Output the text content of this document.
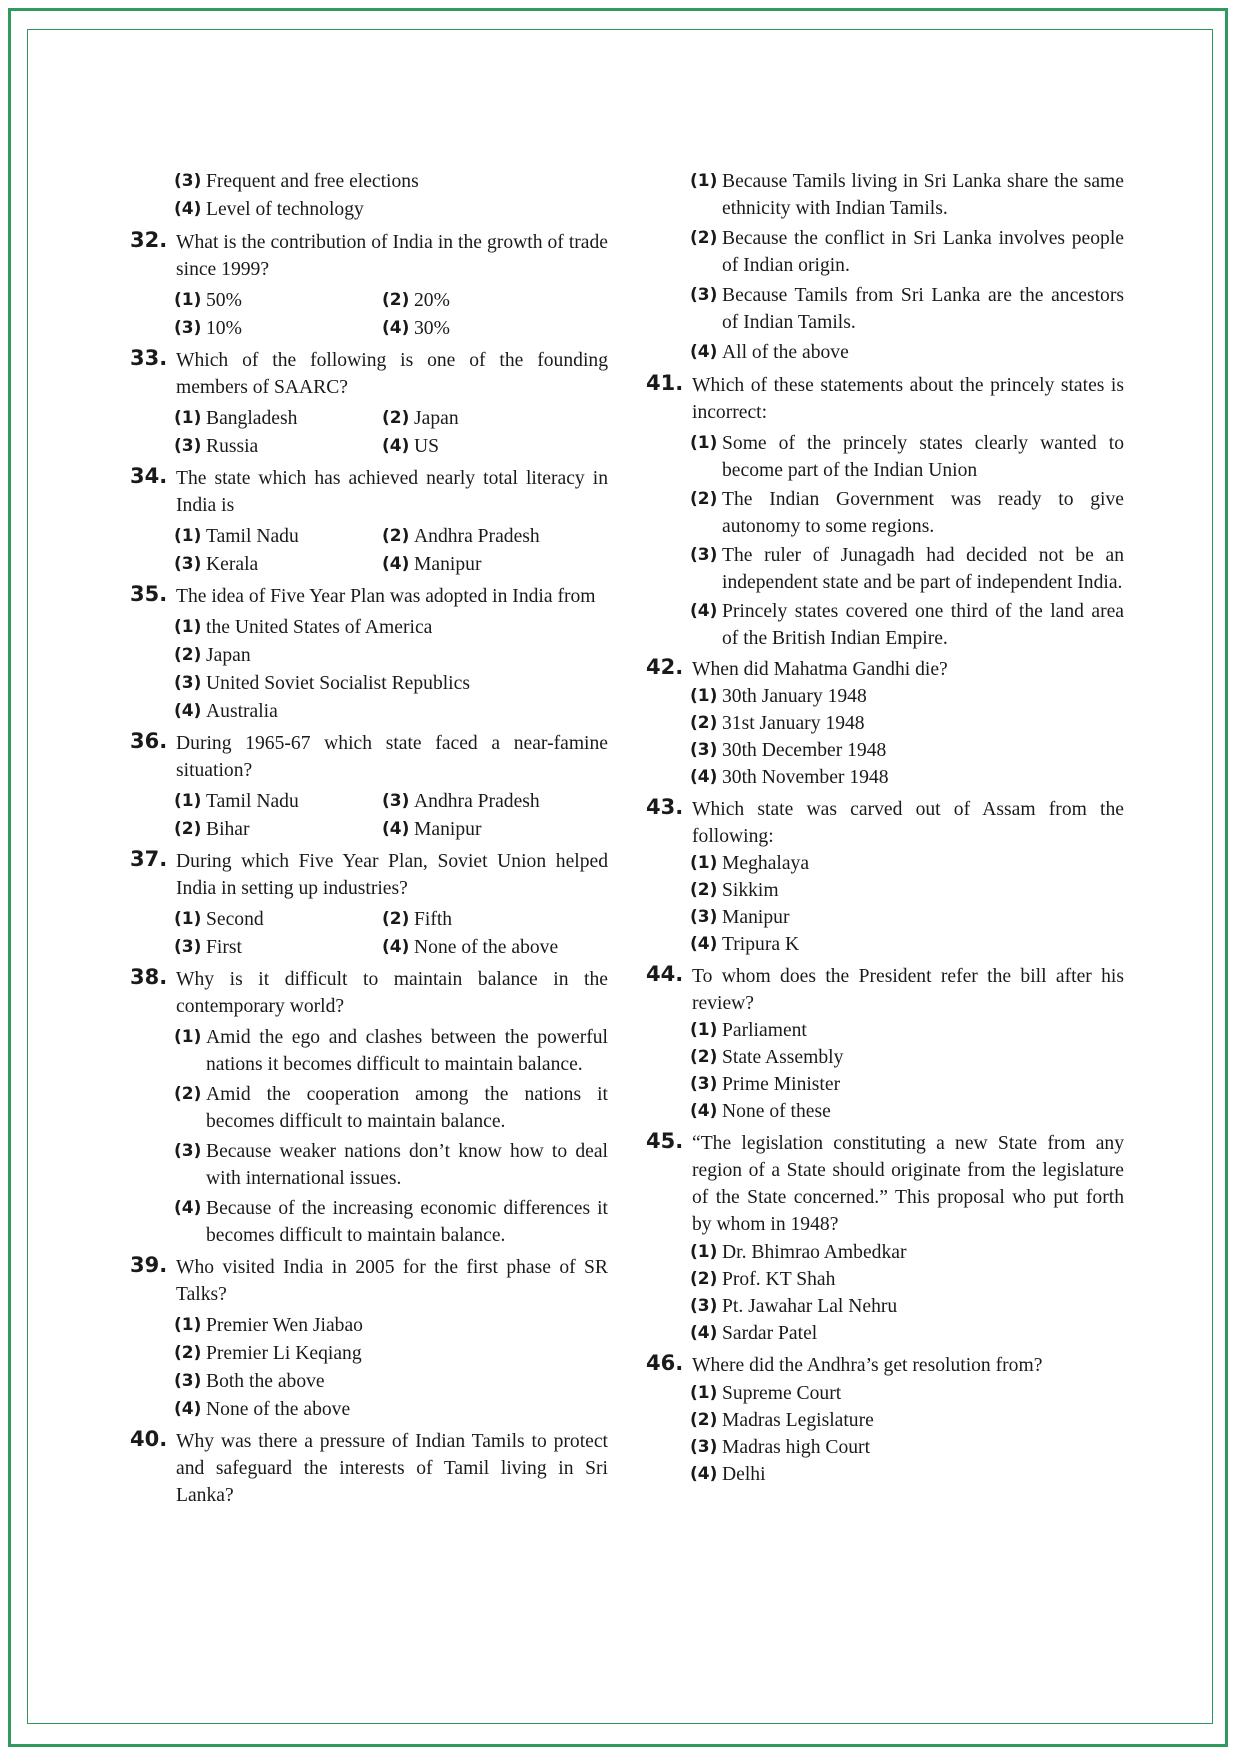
(3) Frequent and free elections
(4) Level of technology
32. What is the contribution of India in the growth of trade since 1999?
(1) 50%	(2) 20%
(3) 10%	(4) 30%
33. Which of the following is one of the founding members of SAARC?
(1) Bangladesh	(2) Japan
(3) Russia	(4) US
34. The state which has achieved nearly total literacy in India is
(1) Tamil Nadu	(2) Andhra Pradesh
(3) Kerala	(4) Manipur
35. The idea of Five Year Plan was adopted in India from
(1) the United States of America
(2) Japan
(3) United Soviet Socialist Republics
(4) Australia
36. During 1965-67 which state faced a near-famine situation?
(1) Tamil Nadu	(3) Andhra Pradesh
(2) Bihar	(4) Manipur
37. During which Five Year Plan, Soviet Union helped India in setting up industries?
(1) Second	(2) Fifth
(3) First	(4) None of the above
38. Why is it difficult to maintain balance in the contemporary world?
(1) Amid the ego and clashes between the powerful nations it becomes difficult to maintain balance.
(2) Amid the cooperation among the nations it becomes difficult to maintain balance.
(3) Because weaker nations don’t know how to deal with international issues.
(4) Because of the increasing economic differences it becomes difficult to maintain balance.
39. Who visited India in 2005 for the first phase of SR Talks?
(1) Premier Wen Jiabao
(2) Premier Li Keqiang
(3) Both the above
(4) None of the above
40. Why was there a pressure of Indian Tamils to protect and safeguard the interests of Tamil living in Sri Lanka?
(1) Because Tamils living in Sri Lanka share the same ethnicity with Indian Tamils.
(2) Because the conflict in Sri Lanka involves people of Indian origin.
(3) Because Tamils from Sri Lanka are the ancestors of Indian Tamils.
(4) All of the above
41. Which of these statements about the princely states is incorrect:
(1) Some of the princely states clearly wanted to become part of the Indian Union
(2) The Indian Government was ready to give autonomy to some regions.
(3) The ruler of Junagadh had decided not be an independent state and be part of independent India.
(4) Princely states covered one third of the land area of the British Indian Empire.
42. When did Mahatma Gandhi die?
(1) 30th January 1948
(2) 31st January 1948
(3) 30th December 1948
(4) 30th November 1948
43. Which state was carved out of Assam from the following:
(1) Meghalaya
(2) Sikkim
(3) Manipur
(4) Tripura K
44. To whom does the President refer the bill after his review?
(1) Parliament
(2) State Assembly
(3) Prime Minister
(4) None of these
45. “The legislation constituting a new State from any region of a State should originate from the legislature of the State concerned.” This proposal who put forth by whom in 1948?
(1) Dr. Bhimrao Ambedkar
(2) Prof. KT Shah
(3) Pt. Jawahar Lal Nehru
(4) Sardar Patel
46. Where did the Andhra’s get resolution from?
(1) Supreme Court
(2) Madras Legislature
(3) Madras high Court
(4) Delhi
